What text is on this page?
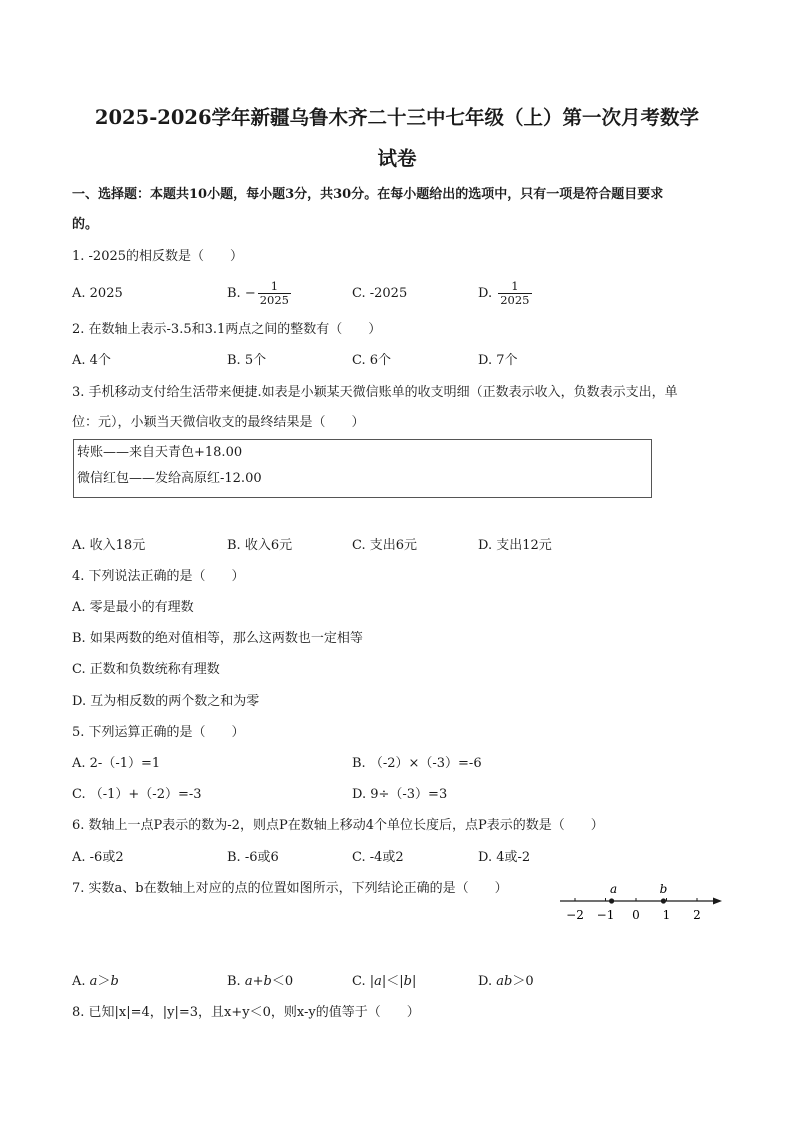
2025-2026学年新疆乌鲁木齐二十三中七年级（上）第一次月考数学
试卷
一、选择题：本题共10小题，每小题3分，共30分。在每小题给出的选项中，只有一项是符合题目要求
的。
1. -2025的相反数是（　　）
A. 2025	B. − $\frac{1}{2025}$	C. -2025	D. $\frac{1}{2025}$
2. 在数轴上表示-3.5和3.1两点之间的整数有（　　）
A. 4个	B. 5个	C. 6个	D. 7个
3. 手机移动支付给生活带来便捷.如表是小颖某天微信账单的收支明细（正数表示收入，负数表示支出，单
位：元），小颖当天微信收支的最终结果是（　　）
转账——来自天青色+18.00
微信红包——发给高原红-12.00
A. 收入18元	B. 收入6元	C. 支出6元	D. 支出12元
4. 下列说法正确的是（　　）
A. 零是最小的有理数
B. 如果两数的绝对值相等，那么这两数也一定相等
C. 正数和负数统称有理数
D. 互为相反数的两个数之和为零
5. 下列运算正确的是（　　）
A. 2-（-1）=1	B. （-2）×（-3）=-6
C. （-1）+（-2）=-3	D. 9÷（-3）=3
6. 数轴上一点P表示的数为-2，则点P在数轴上移动4个单位长度后，点P表示的数是（　　）
A. -6或2	B. -6或6	C. -4或2	D. 4或-2
7. 实数a、b在数轴上对应的点的位置如图所示，下列结论正确的是（　　）
−2 −1 0 1 2
a	b
A. a＞b	B. a+b＜0	C. |a|＜|b|	D. ab＞0
8. 已知|x|=4，|y|=3，且x+y＜0，则x-y的值等于（　　）
